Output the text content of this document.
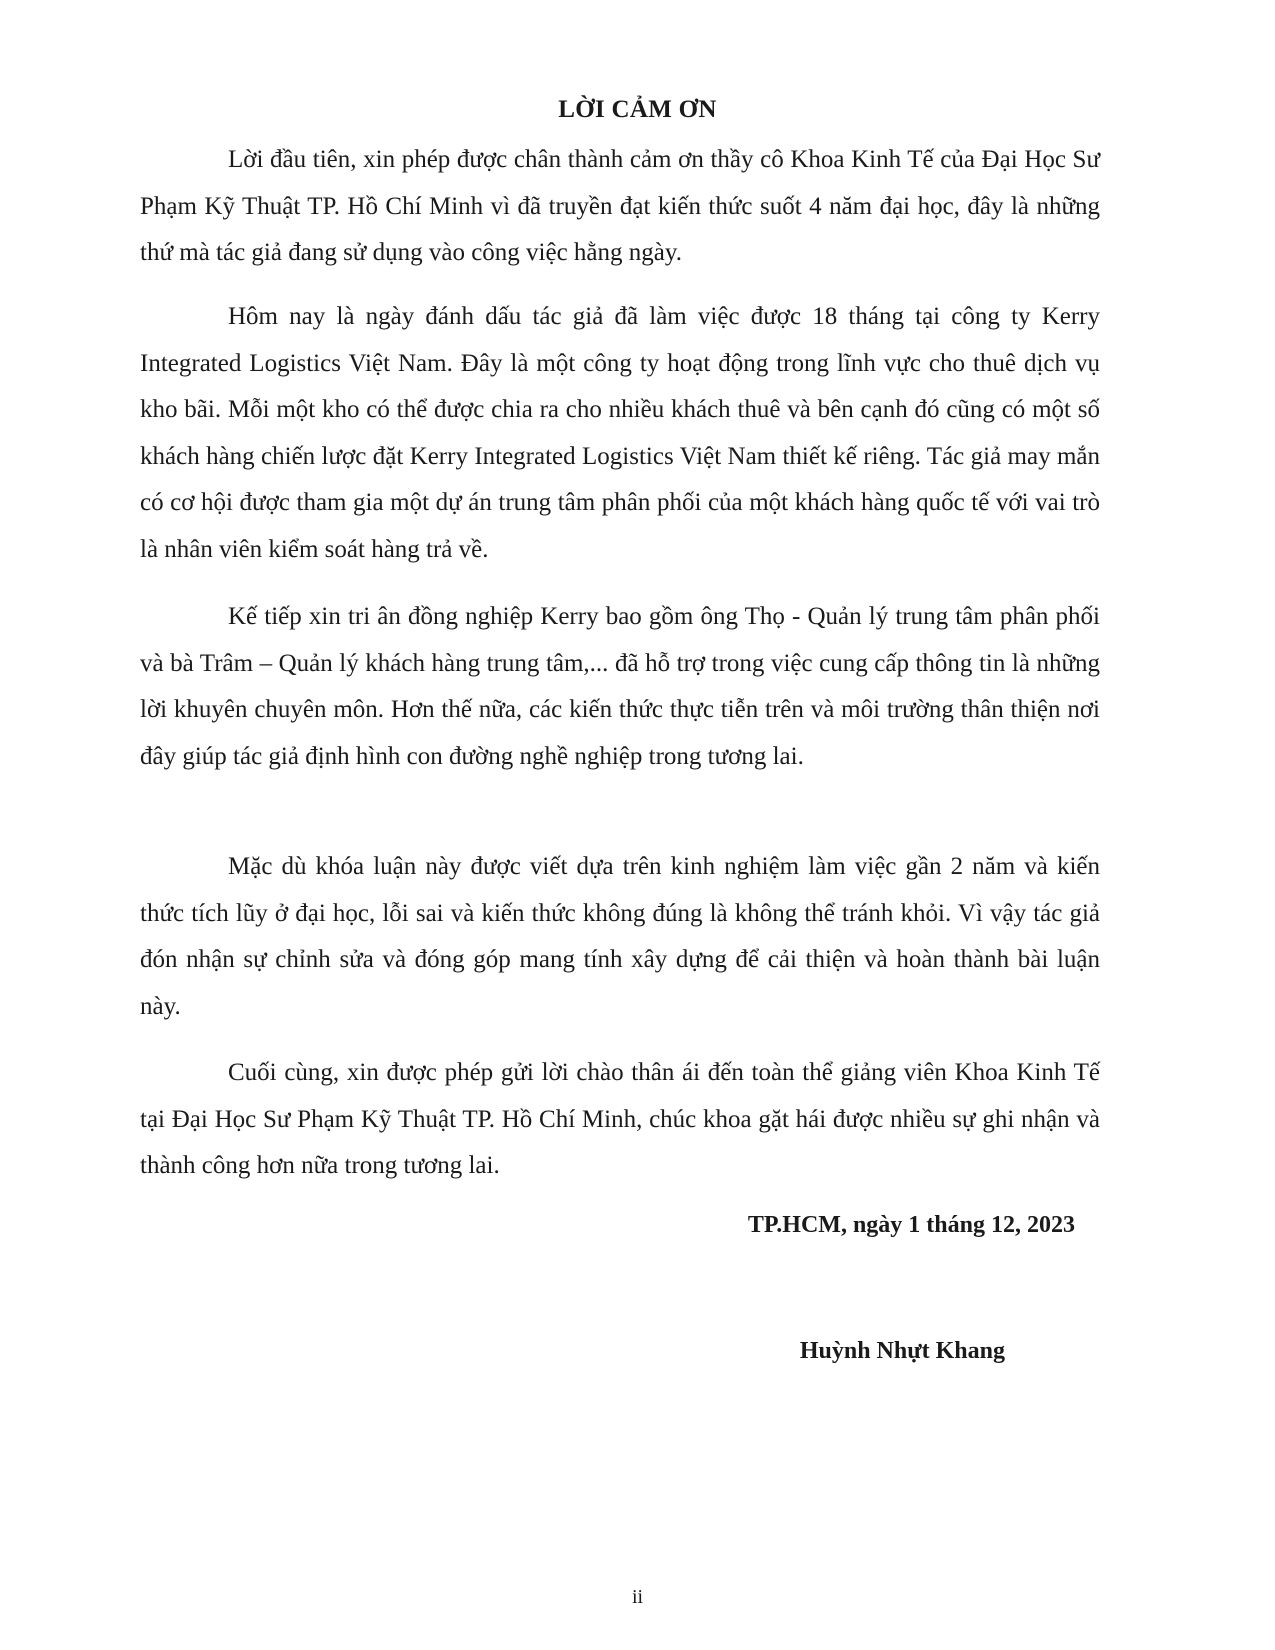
LỜI CẢM ƠN

Lời đầu tiên, xin phép được chân thành cảm ơn thầy cô Khoa Kinh Tế của Đại Học Sư Phạm Kỹ Thuật TP. Hồ Chí Minh vì đã truyền đạt kiến thức suốt 4 năm đại học, đây là những thứ mà tác giả đang sử dụng vào công việc hằng ngày.

Hôm nay là ngày đánh dấu tác giả đã làm việc được 18 tháng tại công ty Kerry Integrated Logistics Việt Nam. Đây là một công ty hoạt động trong lĩnh vực cho thuê dịch vụ kho bãi. Mỗi một kho có thể được chia ra cho nhiều khách thuê và bên cạnh đó cũng có một số khách hàng chiến lược đặt Kerry Integrated Logistics Việt Nam thiết kế riêng. Tác giả may mắn có cơ hội được tham gia một dự án trung tâm phân phối của một khách hàng quốc tế với vai trò là nhân viên kiểm soát hàng trả về.

Kế tiếp xin tri ân đồng nghiệp Kerry bao gồm ông Thọ - Quản lý trung tâm phân phối và bà Trâm – Quản lý khách hàng trung tâm,... đã hỗ trợ trong việc cung cấp thông tin là những lời khuyên chuyên môn. Hơn thế nữa, các kiến thức thực tiễn trên và môi trường thân thiện nơi đây giúp tác giả định hình con đường nghề nghiệp trong tương lai.

Mặc dù khóa luận này được viết dựa trên kinh nghiệm làm việc gần 2 năm và kiến thức tích lũy ở đại học, lỗi sai và kiến thức không đúng là không thể tránh khỏi. Vì vậy tác giả đón nhận sự chỉnh sửa và đóng góp mang tính xây dựng để cải thiện và hoàn thành bài luận này.

Cuối cùng, xin được phép gửi lời chào thân ái đến toàn thể giảng viên Khoa Kinh Tế tại Đại Học Sư Phạm Kỹ Thuật TP. Hồ Chí Minh, chúc khoa gặt hái được nhiều sự ghi nhận và thành công hơn nữa trong tương lai.

TP.HCM, ngày 1 tháng 12, 2023
Huỳnh Nhựt Khang
ii
